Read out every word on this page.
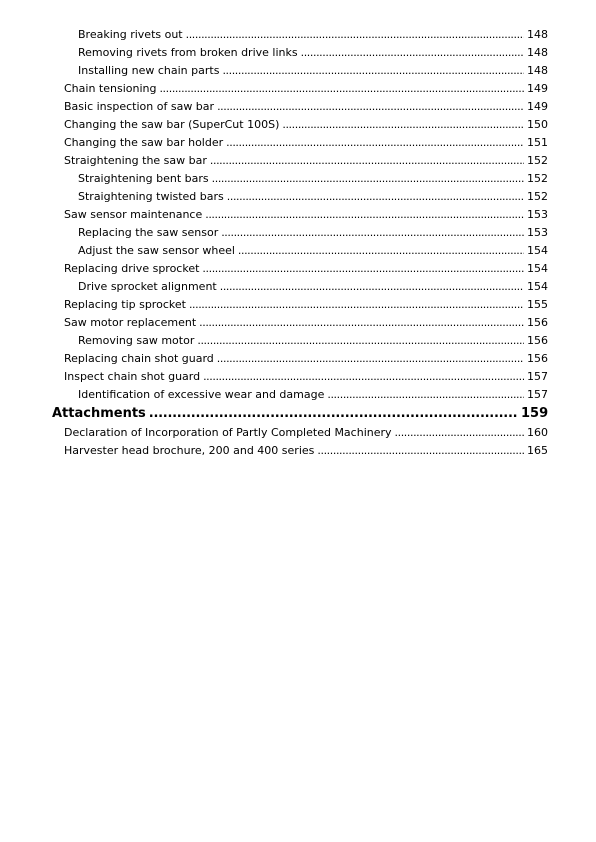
Breaking rivets out . . .	148
Removing rivets from broken drive links . . .	148
Installing new chain parts . . .	148
Chain tensioning . . .	149
Basic inspection of saw bar . . .	149
Changing the saw bar (SuperCut 100S) . . .	150
Changing the saw bar holder . . .	151
Straightening the saw bar . . .	152
Straightening bent bars . . .	152
Straightening twisted bars . . .	152
Saw sensor maintenance . . .	153
Replacing the saw sensor . . .	153
Adjust the saw sensor wheel . . .	154
Replacing drive sprocket . . .	154
Drive sprocket alignment . . .	154
Replacing tip sprocket . . .	155
Saw motor replacement . . .	156
Removing saw motor . . .	156
Replacing chain shot guard . . .	156
Inspect chain shot guard . . .	157
Identification of excessive wear and damage . . .	157
Attachments . . .	159
Declaration of Incorporation of Partly Completed Machinery . . .	160
Harvester head brochure, 200 and 400 series . . .	165
